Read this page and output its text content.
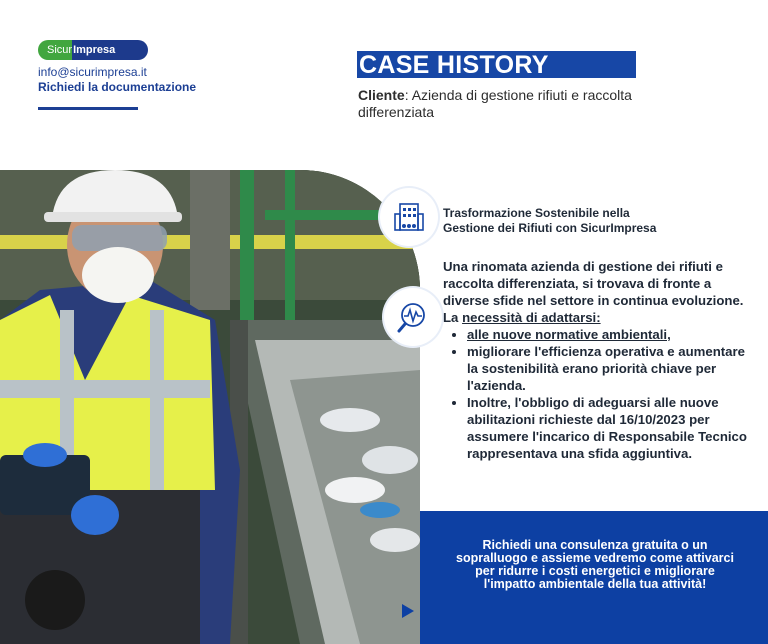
Sicur Impresa
info@sicurimpresa.it
Richiedi la documentazione
CASE HISTORY
Cliente: Azienda di gestione rifiuti e raccolta differenziata
Trasformazione Sostenibile nella
Gestione dei Rifiuti con SicurImpresa

Una rinomata azienda di gestione dei rifiuti e raccolta differenziata, si trovava di fronte a diverse sfide nel settore in continua evoluzione.

La necessità di adattarsi:

• alle nuove normative ambientali,
• migliorare l'efficienza operativa e aumentare la sostenibilità erano priorità chiave per l'azienda.
• Inoltre, l'obbligo di adeguarsi alle nuove abilitazioni richieste dal 16/10/2023 per assumere l'incarico di Responsabile Tecnico rappresentava una sfida aggiuntiva.
Richiedi una consulenza gratuita o un sopralluogo e assieme vedremo come attivarci per ridurre i costi energetici e migliorare l'impatto ambientale della tua attività!
